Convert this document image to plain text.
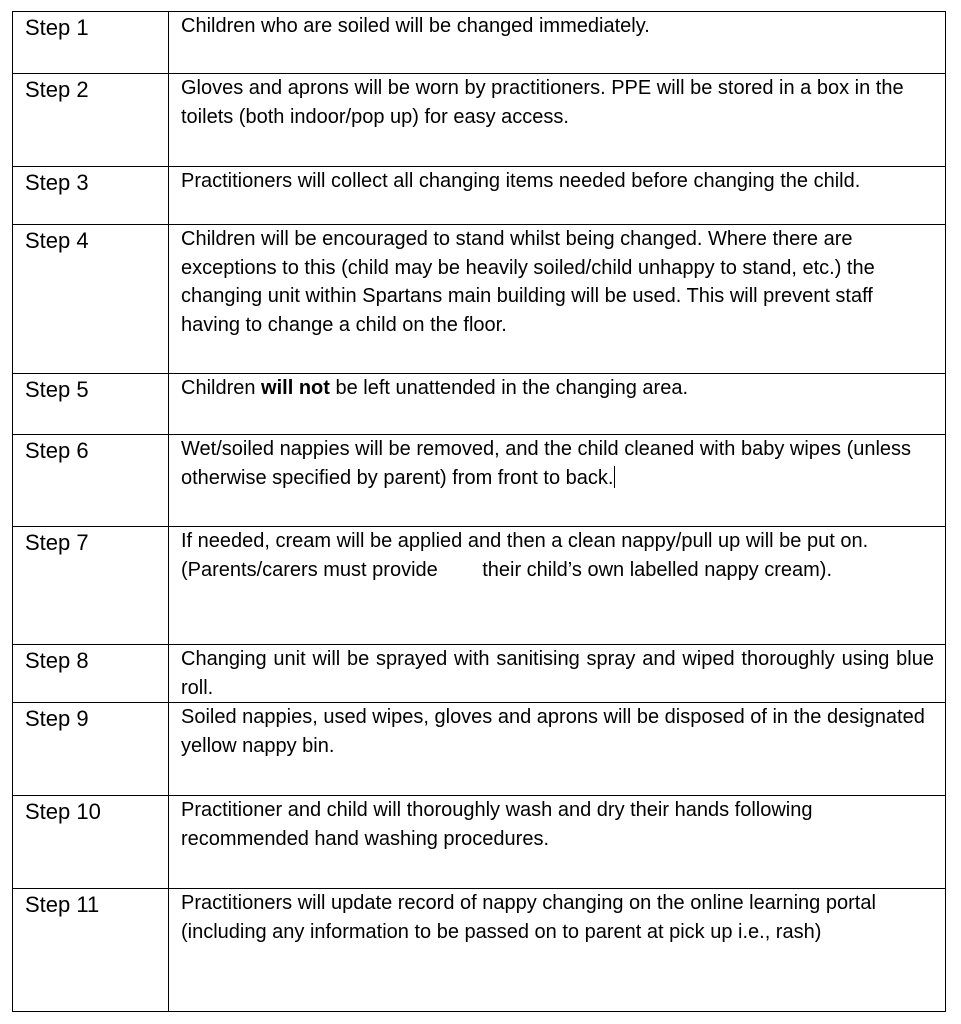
Step 1	Children who are soiled will be changed immediately.

Step 2	Gloves and aprons will be worn by practitioners. PPE will be stored in a box in the toilets (both indoor/pop up) for easy access.

Step 3	Practitioners will collect all changing items needed before changing the child.

Step 4	Children will be encouraged to stand whilst being changed. Where there are exceptions to this (child may be heavily soiled/child unhappy to stand, etc.) the changing unit within Spartans main building will be used. This will prevent staff having to change a child on the floor.

Step 5	Children will not be left unattended in the changing area.

Step 6	Wet/soiled nappies will be removed, and the child cleaned with baby wipes (unless otherwise specified by parent) from front to back.

Step 7	If needed, cream will be applied and then a clean nappy/pull up will be put on. (Parents/carers must provide        their child’s own labelled nappy cream).

Step 8	Changing unit will be sprayed with sanitising spray and wiped thoroughly using blue roll.

Step 9	Soiled nappies, used wipes, gloves and aprons will be disposed of in the designated yellow nappy bin.

Step 10	Practitioner and child will thoroughly wash and dry their hands following recommended hand washing procedures.

Step 11	Practitioners will update record of nappy changing on the online learning portal (including any information to be passed on to parent at pick up i.e., rash)
